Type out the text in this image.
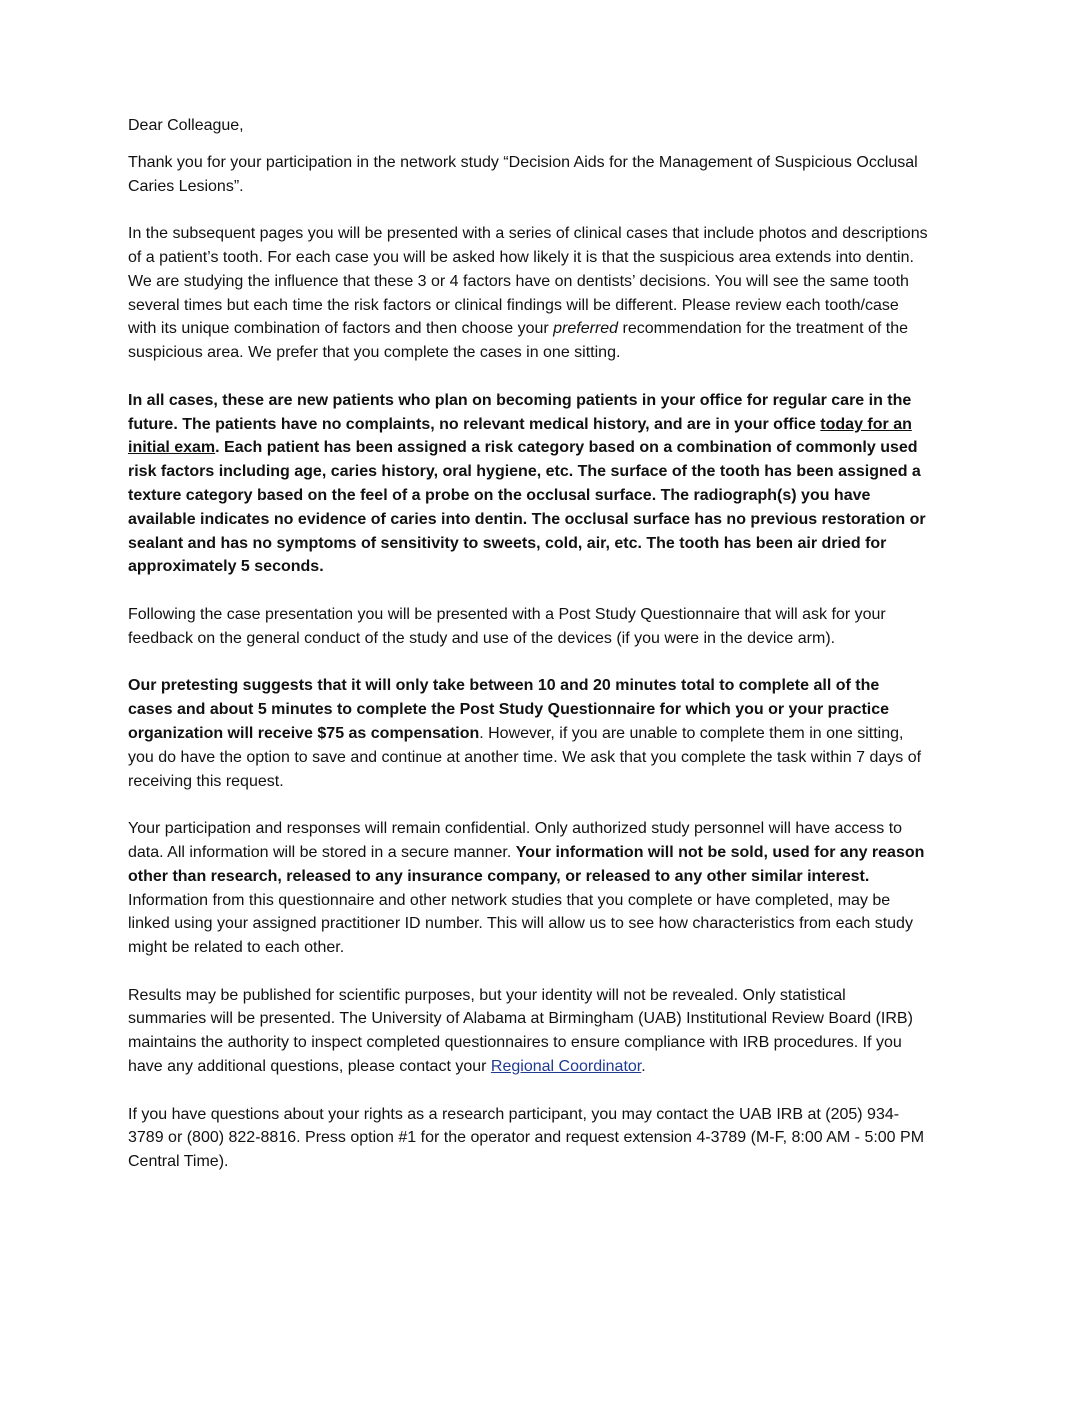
Dear Colleague,

Thank you for your participation in the network study “Decision Aids for the Management of Suspicious Occlusal Caries Lesions”.

In the subsequent pages you will be presented with a series of clinical cases that include photos and descriptions of a patient’s tooth. For each case you will be asked how likely it is that the suspicious area extends into dentin. We are studying the influence that these 3 or 4 factors have on dentists’ decisions. You will see the same tooth several times but each time the risk factors or clinical findings will be different. Please review each tooth/case with its unique combination of factors and then choose your preferred recommendation for the treatment of the suspicious area. We prefer that you complete the cases in one sitting.

In all cases, these are new patients who plan on becoming patients in your office for regular care in the future. The patients have no complaints, no relevant medical history, and are in your office today for an initial exam. Each patient has been assigned a risk category based on a combination of commonly used risk factors including age, caries history, oral hygiene, etc. The surface of the tooth has been assigned a texture category based on the feel of a probe on the occlusal surface. The radiograph(s) you have available indicates no evidence of caries into dentin. The occlusal surface has no previous restoration or sealant and has no symptoms of sensitivity to sweets, cold, air, etc. The tooth has been air dried for approximately 5 seconds.

Following the case presentation you will be presented with a Post Study Questionnaire that will ask for your feedback on the general conduct of the study and use of the devices (if you were in the device arm).

Our pretesting suggests that it will only take between 10 and 20 minutes total to complete all of the cases and about 5 minutes to complete the Post Study Questionnaire for which you or your practice organization will receive $75 as compensation. However, if you are unable to complete them in one sitting, you do have the option to save and continue at another time. We ask that you complete the task within 7 days of receiving this request.

Your participation and responses will remain confidential. Only authorized study personnel will have access to data. All information will be stored in a secure manner. Your information will not be sold, used for any reason other than research, released to any insurance company, or released to any other similar interest. Information from this questionnaire and other network studies that you complete or have completed, may be linked using your assigned practitioner ID number. This will allow us to see how characteristics from each study might be related to each other.

Results may be published for scientific purposes, but your identity will not be revealed. Only statistical summaries will be presented. The University of Alabama at Birmingham (UAB) Institutional Review Board (IRB) maintains the authority to inspect completed questionnaires to ensure compliance with IRB procedures. If you have any additional questions, please contact your Regional Coordinator.

If you have questions about your rights as a research participant, you may contact the UAB IRB at (205) 934-3789 or (800) 822-8816. Press option #1 for the operator and request extension 4-3789 (M-F, 8:00 AM - 5:00 PM Central Time).
